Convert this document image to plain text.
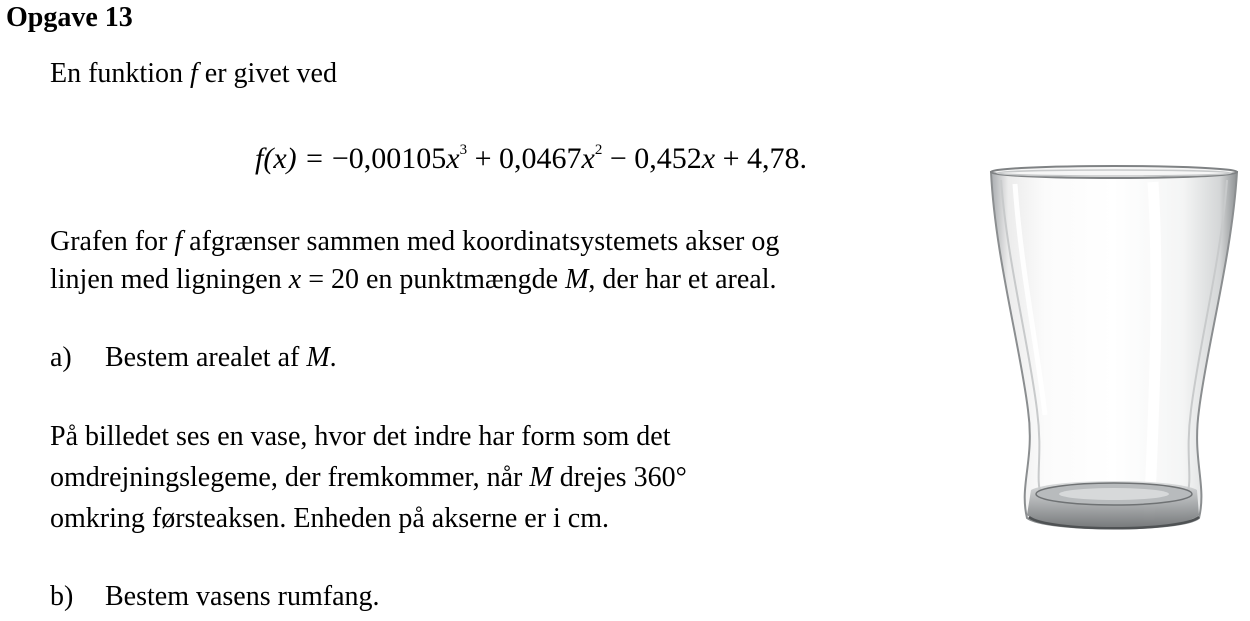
Opgave 13
En funktion f er givet ved
$f(x) = -0,00105x^3 + 0,0467x^2 - 0,452x + 4,78$.
Grafen for f afgrænser sammen med koordinatsystemets akser og
linjen med ligningen x = 20 en punktmængde M, der har et areal.
a) Bestem arealet af M.
På billedet ses en vase, hvor det indre har form som det
omdrejningslegeme, der fremkommer, når M drejes 360°
omkring førsteaksen. Enheden på akserne er i cm.
b) Bestem vasens rumfang.
